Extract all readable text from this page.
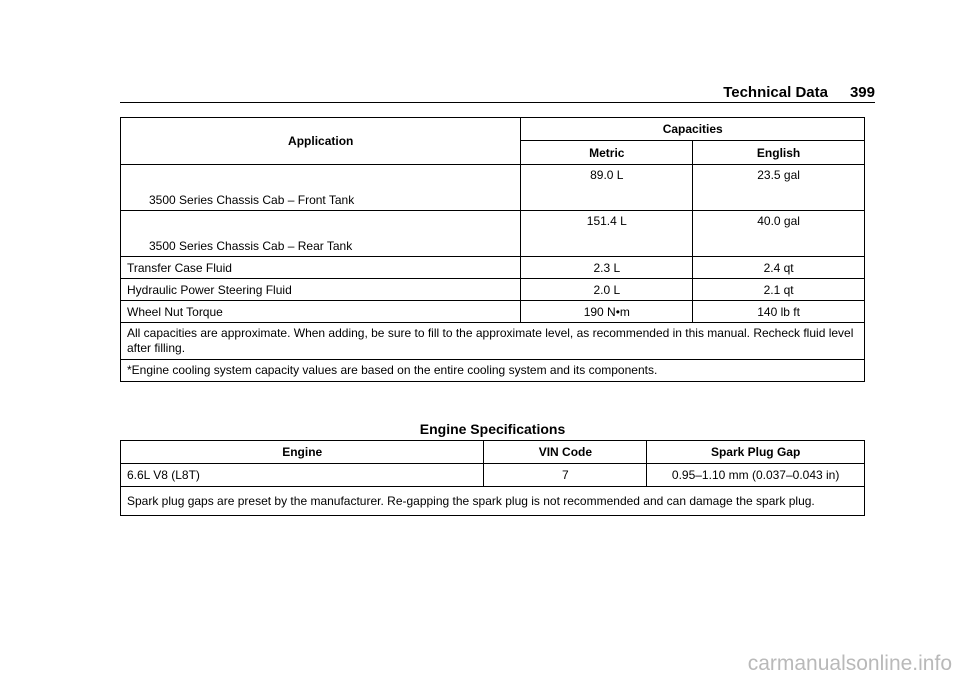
Technical Data 399
Application	Capacities	
	Metric	English
3500 Series Chassis Cab – Front Tank	89.0 L	23.5 gal
3500 Series Chassis Cab – Rear Tank	151.4 L	40.0 gal
Transfer Case Fluid	2.3 L	2.4 qt
Hydraulic Power Steering Fluid	2.0 L	2.1 qt
Wheel Nut Torque	190 N•m	140 lb ft
All capacities are approximate. When adding, be sure to fill to the approximate level, as recommended in this manual. Recheck fluid level after filling.		
*Engine cooling system capacity values are based on the entire cooling system and its components.		
Engine Specifications
Engine	VIN Code	Spark Plug Gap
6.6L V8 (L8T)	7	0.95–1.10 mm (0.037–0.043 in)
Spark plug gaps are preset by the manufacturer. Re-gapping the spark plug is not recommended and can damage the spark plug.		
carmanualsonline.info
